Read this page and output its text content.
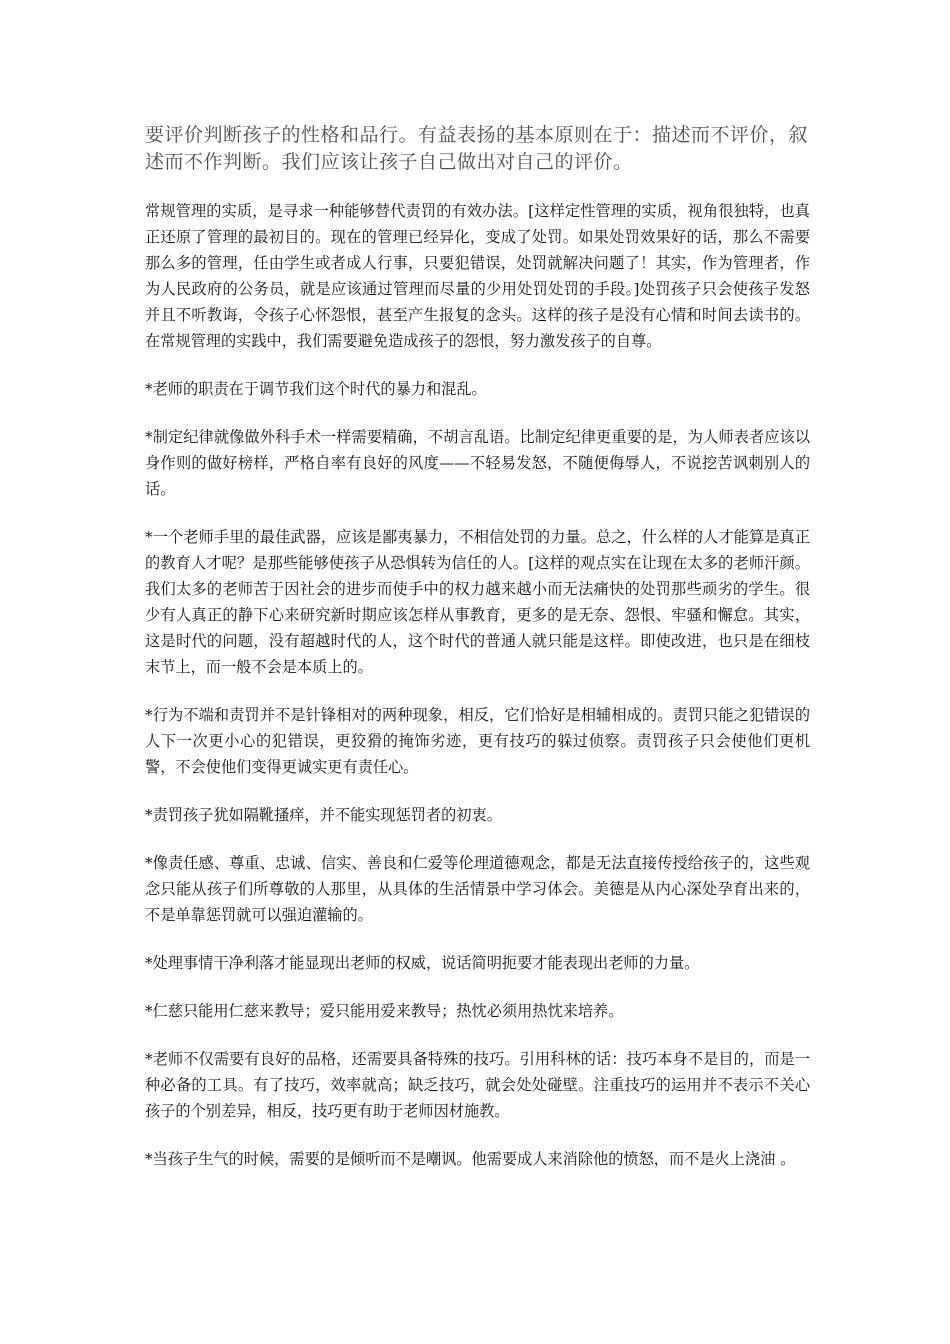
要评价判断孩子的性格和品行。有益表扬的基本原则在于：描述而不评价，叙述而不作判断。我们应该让孩子自己做出对自己的评价。

常规管理的实质，是寻求一种能够替代责罚的有效办法。[这样定性管理的实质，视角很独特，也真正还原了管理的最初目的。现在的管理已经异化，变成了处罚。如果处罚效果好的话，那么不需要那么多的管理，任由学生或者成人行事，只要犯错误，处罚就解决问题了！其实，作为管理者，作为人民政府的公务员，就是应该通过管理而尽量的少用处罚处罚的手段。]处罚孩子只会使孩子发怒并且不听教诲，令孩子心怀怨恨，甚至产生报复的念头。这样的孩子是没有心情和时间去读书的。在常规管理的实践中，我们需要避免造成孩子的怨恨，努力激发孩子的自尊。

*老师的职责在于调节我们这个时代的暴力和混乱。

*制定纪律就像做外科手术一样需要精确，不胡言乱语。比制定纪律更重要的是，为人师表者应该以身作则的做好榜样，严格自率有良好的风度——不轻易发怒，不随便侮辱人，不说挖苦讽刺别人的话。

*一个老师手里的最佳武器，应该是鄙夷暴力，不相信处罚的力量。总之，什么样的人才能算是真正的教育人才呢？是那些能够使孩子从恐惧转为信任的人。[这样的观点实在让现在太多的老师汗颜。我们太多的老师苦于因社会的进步而使手中的权力越来越小而无法痛快的处罚那些顽劣的学生。很少有人真正的静下心来研究新时期应该怎样从事教育，更多的是无奈、怨恨、牢骚和懈怠。其实，这是时代的问题，没有超越时代的人，这个时代的普通人就只能是这样。即使改进，也只是在细枝末节上，而一般不会是本质上的。

*行为不端和责罚并不是针锋相对的两种现象，相反，它们恰好是相辅相成的。责罚只能之犯错误的人下一次更小心的犯错误，更狡猾的掩饰劣迹，更有技巧的躲过侦察。责罚孩子只会使他们更机警，不会使他们变得更诚实更有责任心。

*责罚孩子犹如隔靴搔痒，并不能实现惩罚者的初衷。

*像责任感、尊重、忠诚、信实、善良和仁爱等伦理道德观念，都是无法直接传授给孩子的，这些观念只能从孩子们所尊敬的人那里，从具体的生活情景中学习体会。美德是从内心深处孕育出来的，不是单靠惩罚就可以强迫灌输的。

*处理事情干净利落才能显现出老师的权威，说话简明扼要才能表现出老师的力量。

*仁慈只能用仁慈来教导；爱只能用爱来教导；热忱必须用热忱来培养。

*老师不仅需要有良好的品格，还需要具备特殊的技巧。引用科林的话：技巧本身不是目的，而是一种必备的工具。有了技巧，效率就高；缺乏技巧，就会处处碰壁。注重技巧的运用并不表示不关心孩子的个别差异，相反，技巧更有助于老师因材施教。

*当孩子生气的时候，需要的是倾听而不是嘲讽。他需要成人来消除他的愤怒，而不是火上浇油 。
